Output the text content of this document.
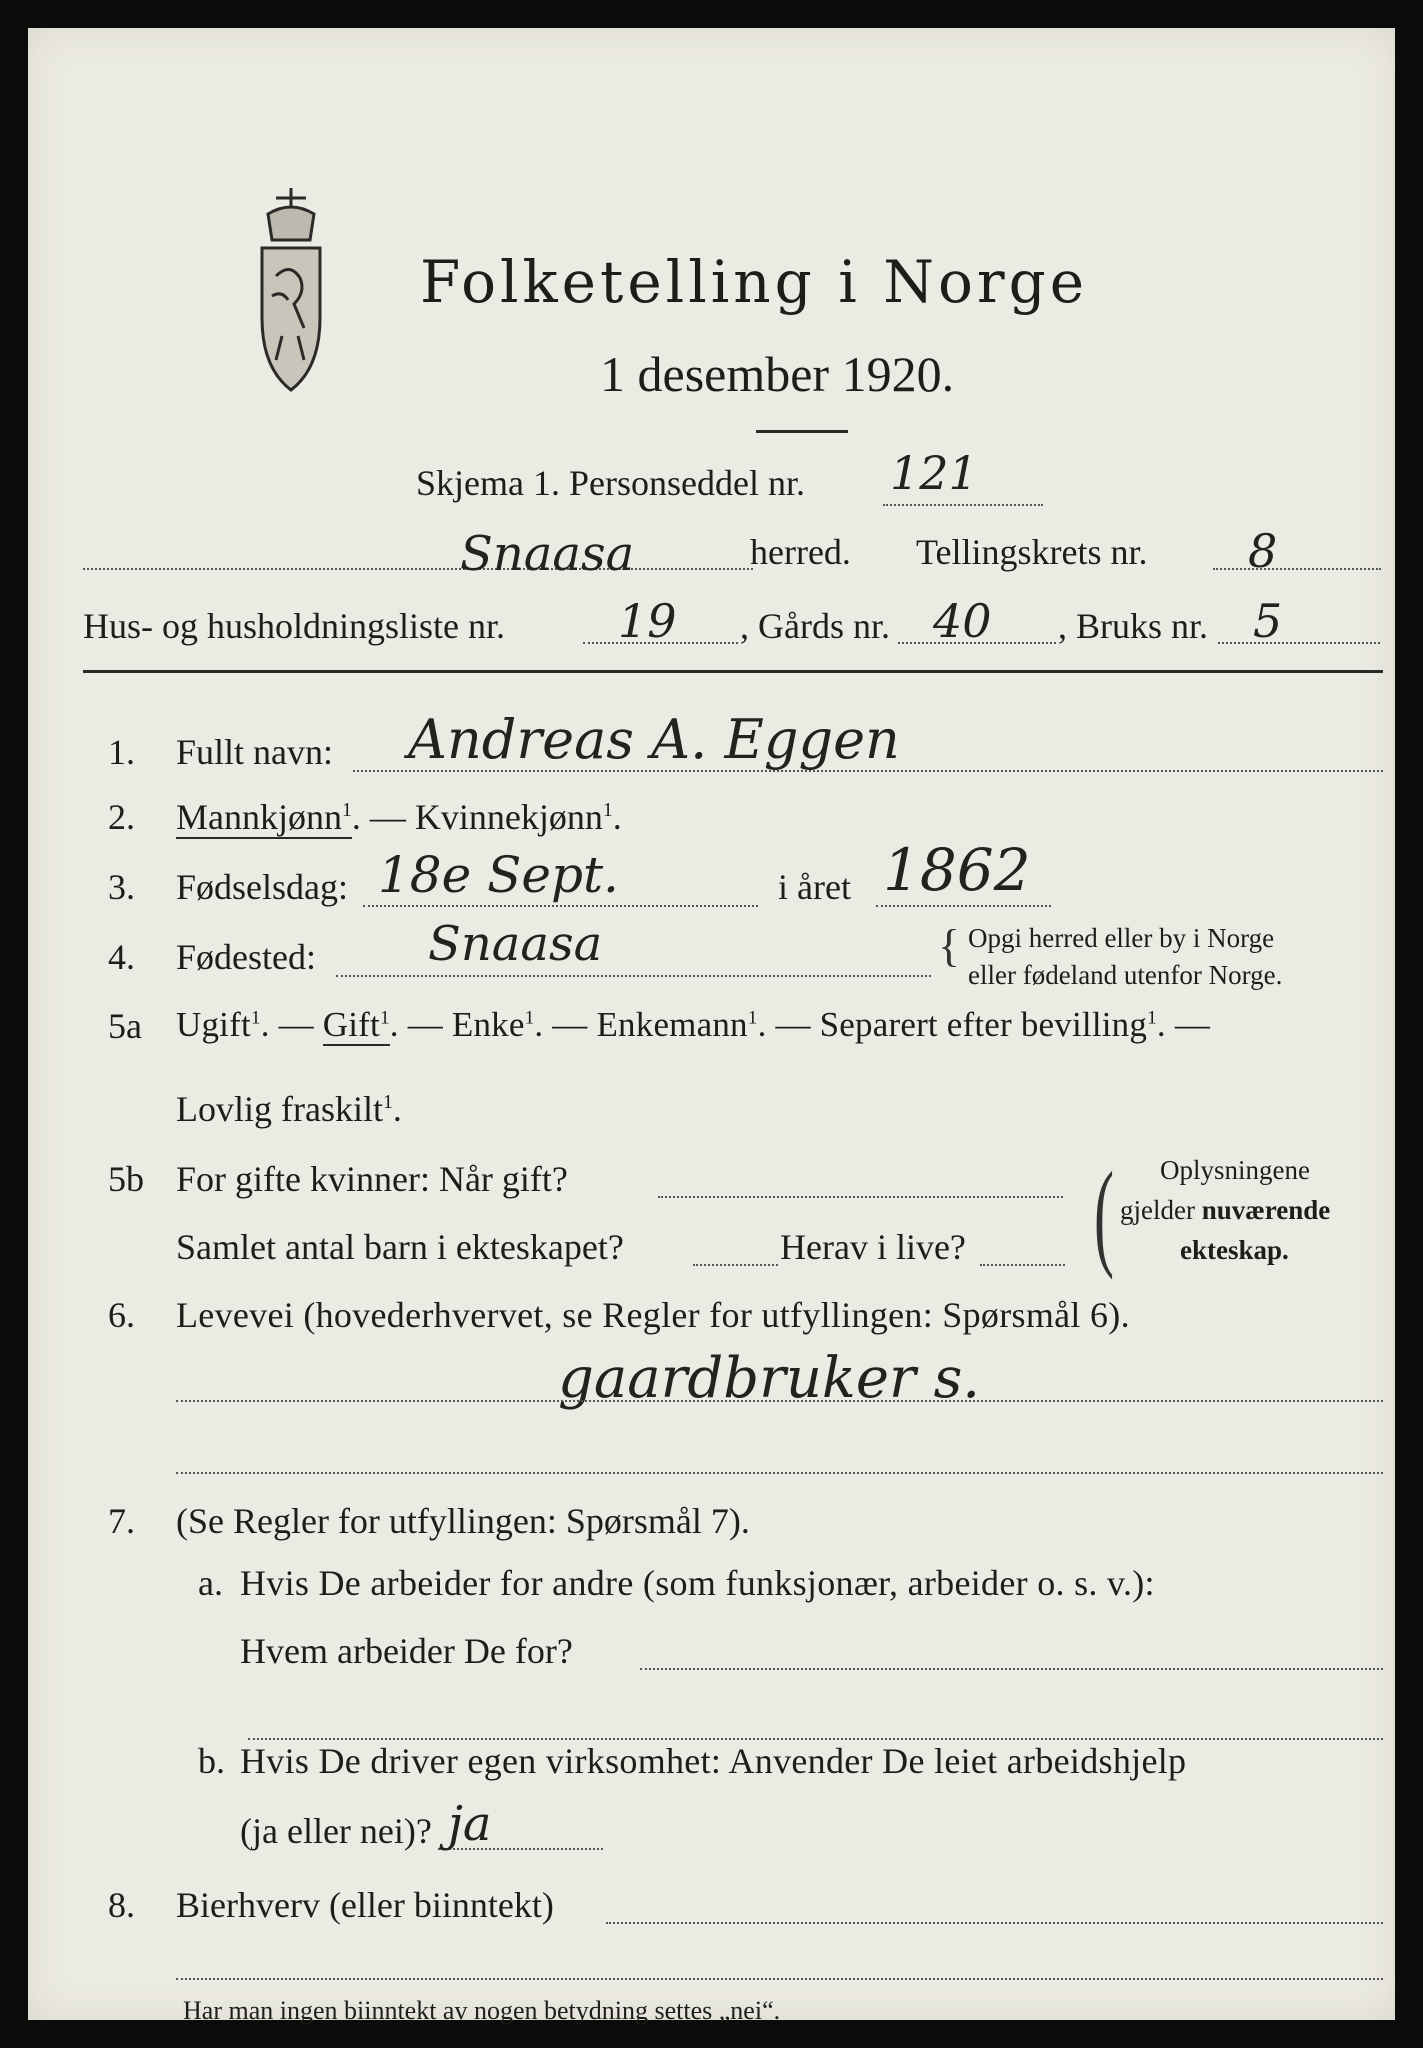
Folketelling i Norge
1 desember 1920.
Skjema 1. Personseddel nr. 121
Snaasa	herred. Tellingskrets nr. 8
Hus- og husholdningsliste nr. 19 , Gårds nr. 40 , Bruks nr. 5
1. Fullt navn: Andreas A. Eggen
2. Mannkjønn$^1$. — Kvinnekjønn$^1$.
3. Fødselsdag: 18e Sept.	i året 1862
4. Fødested: Snaasa	{ Opgi herred eller by i Norge
eller fødeland utenfor Norge.
5a Ugift$^1$. — Gift$^1$. — Enke$^1$. — Enkemann$^1$. — Separert efter bevilling$^1$. —
Lovlig fraskilt$^1$.
5b For gifte kvinner: Når gift?
Samlet antal barn i ekteskapet?	Herav i live? ( Oplysningene
gjelder nuværende
ekteskap.
6. Levevei (hovederhvervet, se Regler for utfyllingen: Spørsmål 6).
gaardbruker s.
7. (Se Regler for utfyllingen: Spørsmål 7).
a. Hvis De arbeider for andre (som funksjonær, arbeider o. s. v.):
Hvem arbeider De for?
b. Hvis De driver egen virksomhet: Anvender De leiet arbeidshjelp
(ja eller nei)? ja
8. Bierhverv (eller biinntekt)
Har man ingen biinntekt av nogen betydning settes „nei“.
